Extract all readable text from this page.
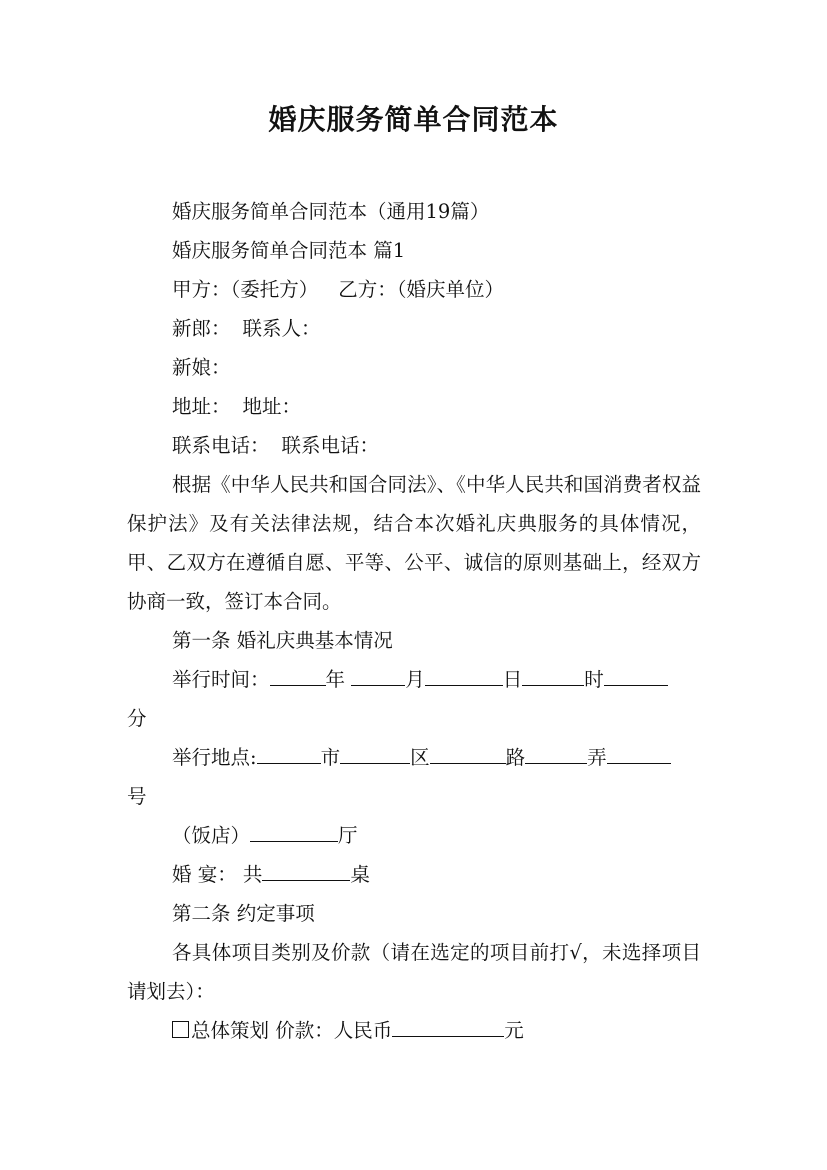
婚庆服务简单合同范本

婚庆服务简单合同范本（通用19篇）

婚庆服务简单合同范本 篇1

甲方：（委托方） 乙方：（婚庆单位）

新郎： 联系人：

新娘：

地址： 地址：

联系电话： 联系电话：

根据《中华人民共和国合同法》、《中华人民共和国消费者权益保护法》及有关法律法规，结合本次婚礼庆典服务的具体情况，甲、乙双方在遵循自愿、平等、公平、诚信的原则基础上，经双方协商一致，签订本合同。

第一条 婚礼庆典基本情况

举行时间：	年	月	日	时

分

举行地点:	市	区	路	弄

号

（饭店）	厅

婚 宴： 共	桌

第二条 约定事项

各具体项目类别及价款（请在选定的项目前打√，未选择项目请划去）：

总体策划 价款：人民币	元
